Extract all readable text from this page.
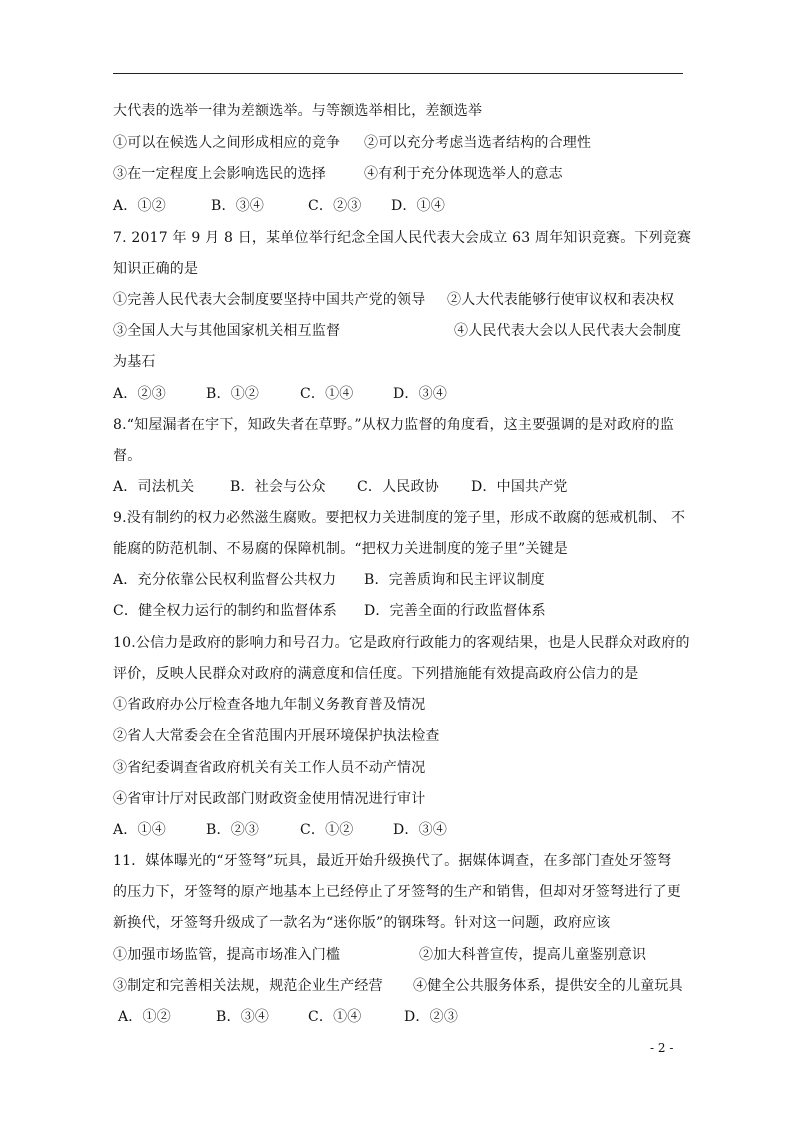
大代表的选举一律为差额选举。与等额选举相比，差额选举
①可以在候选人之间形成相应的竞争 ②可以充分考虑当选者结构的合理性
③在一定程度上会影响选民的选择	④有利于充分体现选举人的意志
A．①②	B．③④	C．②③ D．①④
7. 2017 年 9 月 8 日，某单位举行纪念全国人民代表大会成立 63 周年知识竞赛。下列竞赛
知识正确的是
①完善人民代表大会制度要坚持中国共产党的领导 ②人大代表能够行使审议权和表决权
③全国人大与其他国家机关相互监督	④人民代表大会以人民代表大会制度
为基石
A．②③	B．①②	C．①④	D．③④
8.“知屋漏者在宇下，知政失者在草野。”从权力监督的角度看，这主要强调的是对政府的监
督。
A．司法机关	B．社会与公众 C．人民政协 D．中国共产党
9.没有制约的权力必然滋生腐败。要把权力关进制度的笼子里，形成不敢腐的惩戒机制、 不
能腐的防范机制、不易腐的保障机制。“把权力关进制度的笼子里”关键是
A．充分依靠公民权利监督公共权力 B．完善质询和民主评议制度
C．健全权力运行的制约和监督体系 D．完善全面的行政监督体系
10.公信力是政府的影响力和号召力。它是政府行政能力的客观结果，也是人民群众对政府的
评价，反映人民群众对政府的满意度和信任度。下列措施能有效提高政府公信力的是
①省政府办公厅检查各地九年制义务教育普及情况
②省人大常委会在全省范围内开展环境保护执法检查
③省纪委调查省政府机关有关工作人员不动产情况
④省审计厅对民政部门财政资金使用情况进行审计
A．①④	B．②③	C．①②	D．③④
11．媒体曝光的“牙签弩”玩具，最近开始升级换代了。据媒体调查，在多部门查处牙签弩
的压力下，牙签弩的原产地基本上已经停止了牙签弩的生产和销售，但却对牙签弩进行了更
新换代，牙签弩升级成了一款名为“迷你版”的钢珠弩。针对这一问题，政府应该
①加强市场监管，提高市场准入门槛	②加大科普宣传，提高儿童鉴别意识
③制定和完善相关法规，规范企业生产经营 ④健全公共服务体系，提供安全的儿童玩具
A．①②	B．③④	C．①④	D．②③
- 2 -
